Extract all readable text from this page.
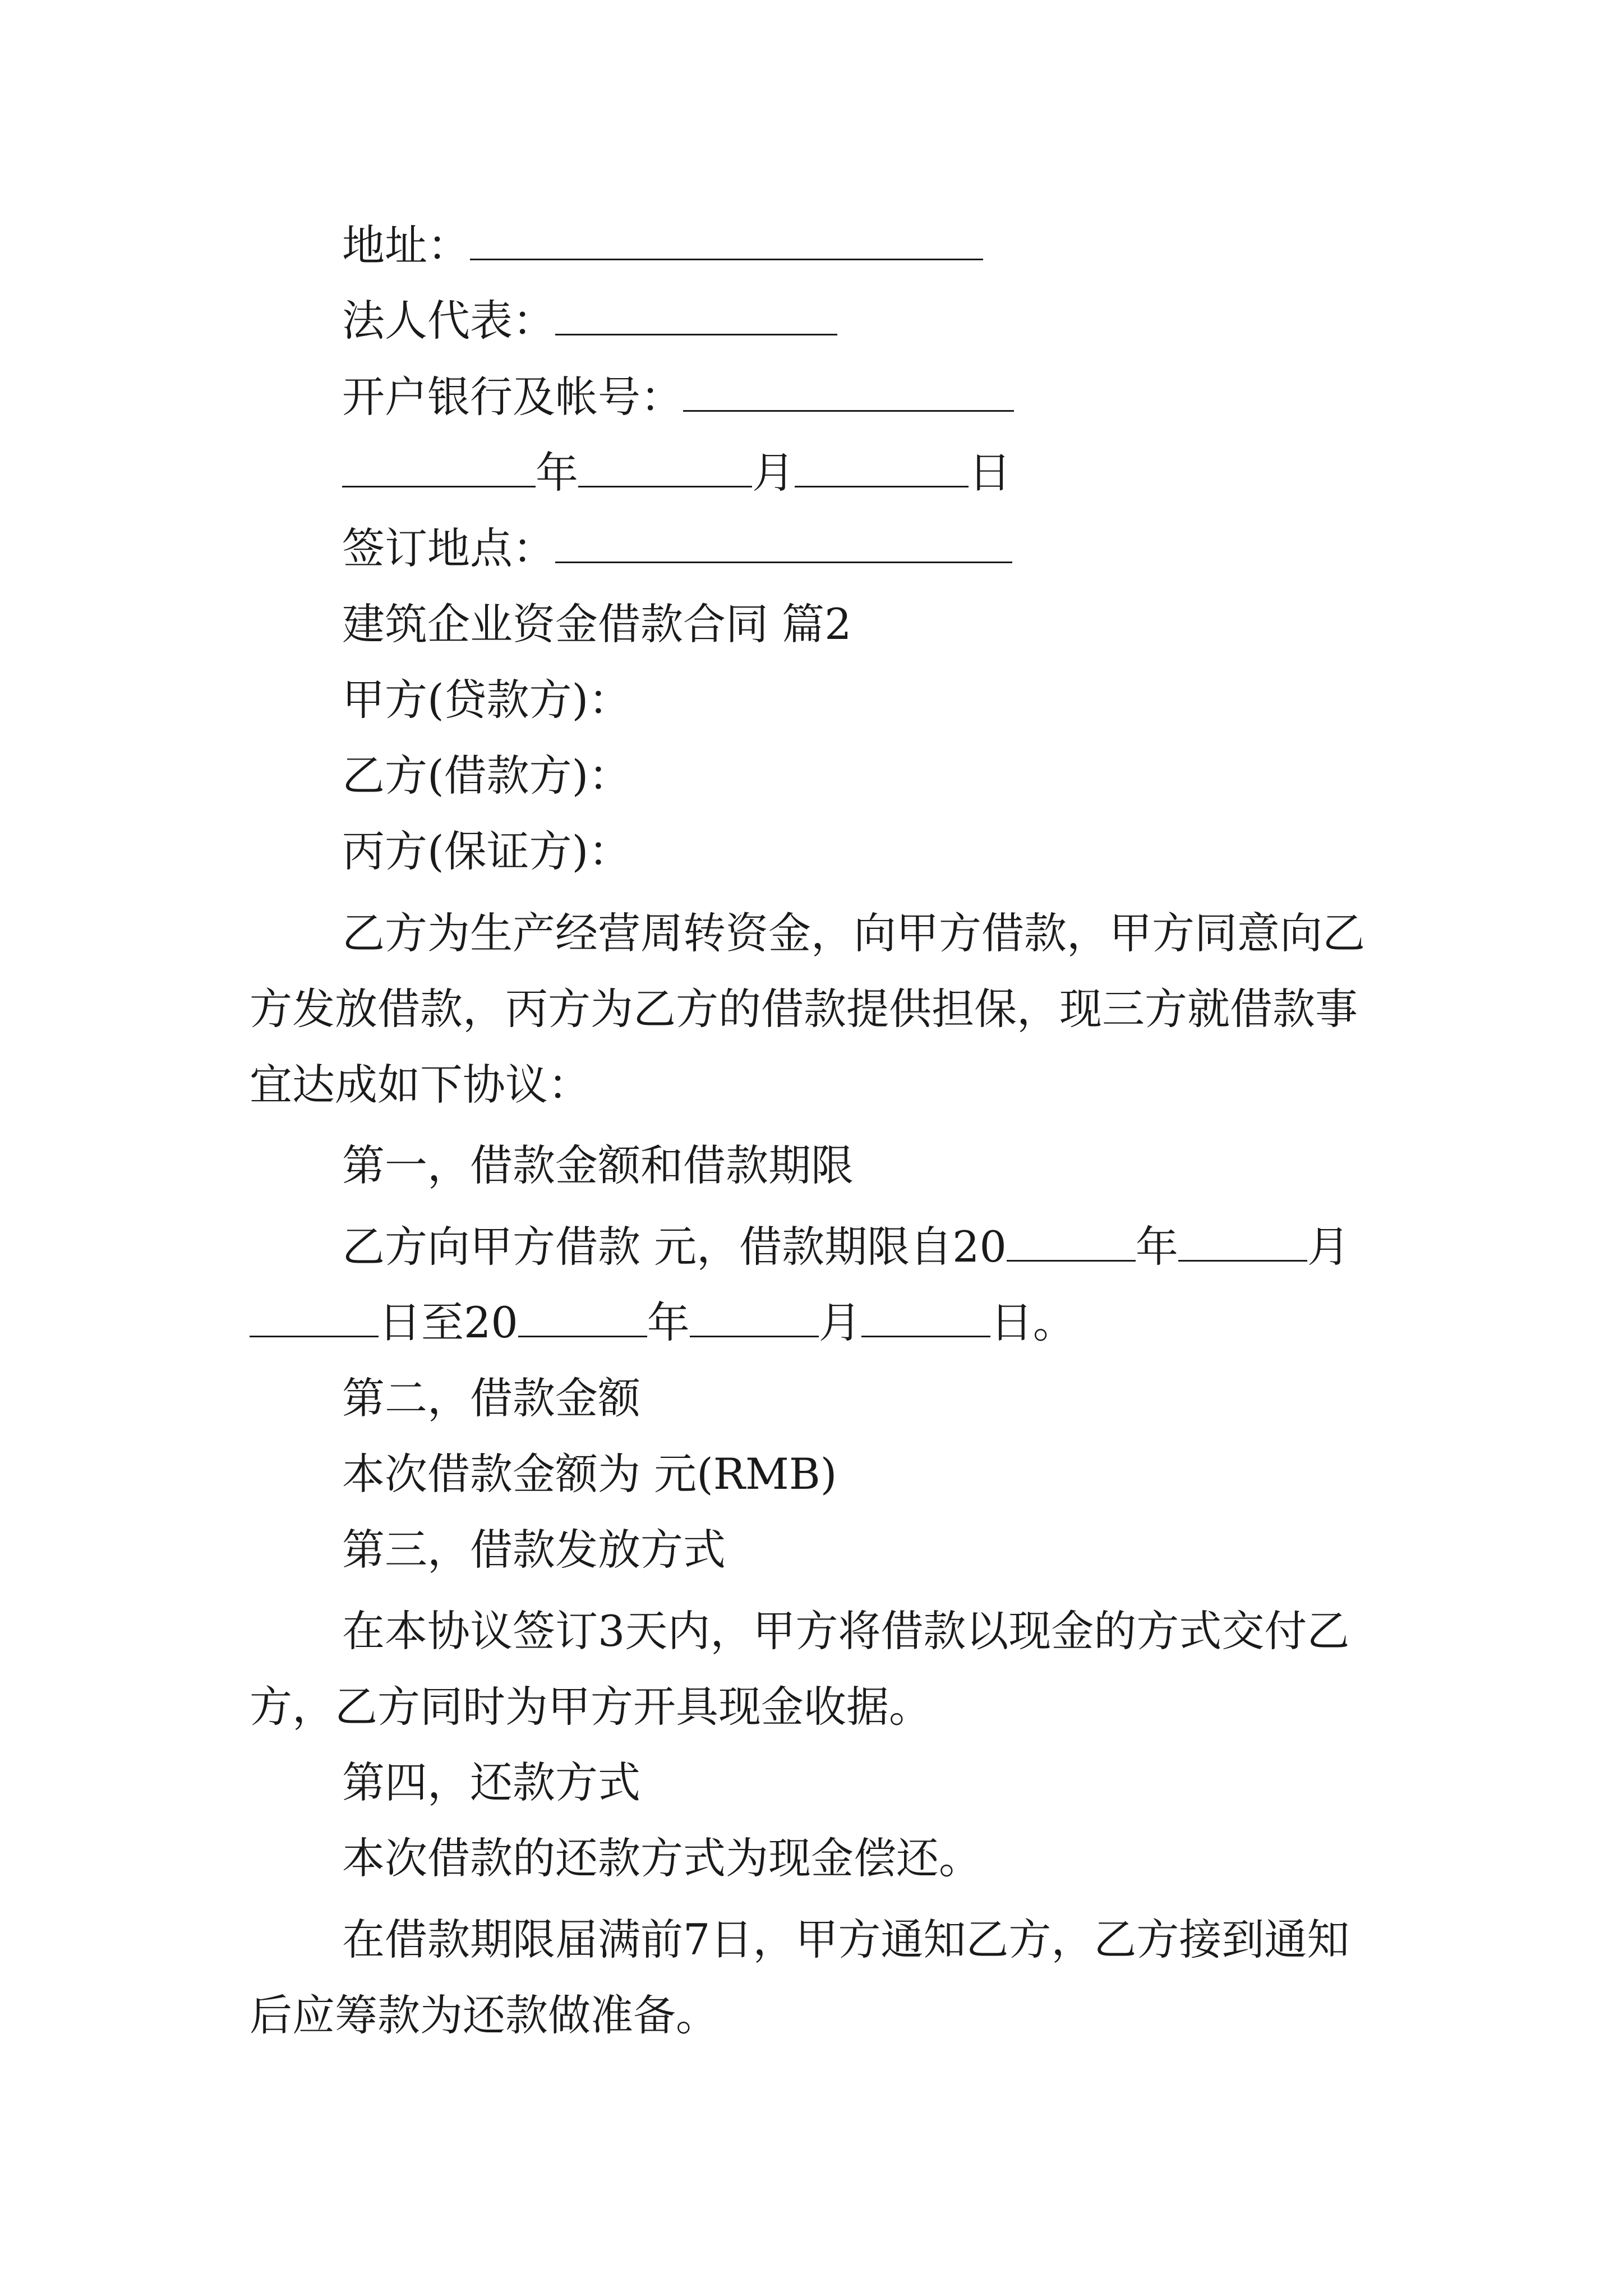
地址：
法人代表：
开户银行及帐号：
年	月	日
签订地点：
建筑企业资金借款合同 篇2
甲方(贷款方)：
乙方(借款方)：
丙方(保证方)：
乙方为生产经营周转资金，向甲方借款，甲方同意向乙
方发放借款，丙方为乙方的借款提供担保，现三方就借款事
宜达成如下协议：
第一，借款金额和借款期限
乙方向甲方借款 元，借款期限自20	年	月
日至20	年	月	日。
第二，借款金额
本次借款金额为 元(RMB)
第三，借款发放方式
在本协议签订3天内，甲方将借款以现金的方式交付乙
方，乙方同时为甲方开具现金收据。
第四，还款方式
本次借款的还款方式为现金偿还。
在借款期限届满前7日，甲方通知乙方，乙方接到通知
后应筹款为还款做准备。
